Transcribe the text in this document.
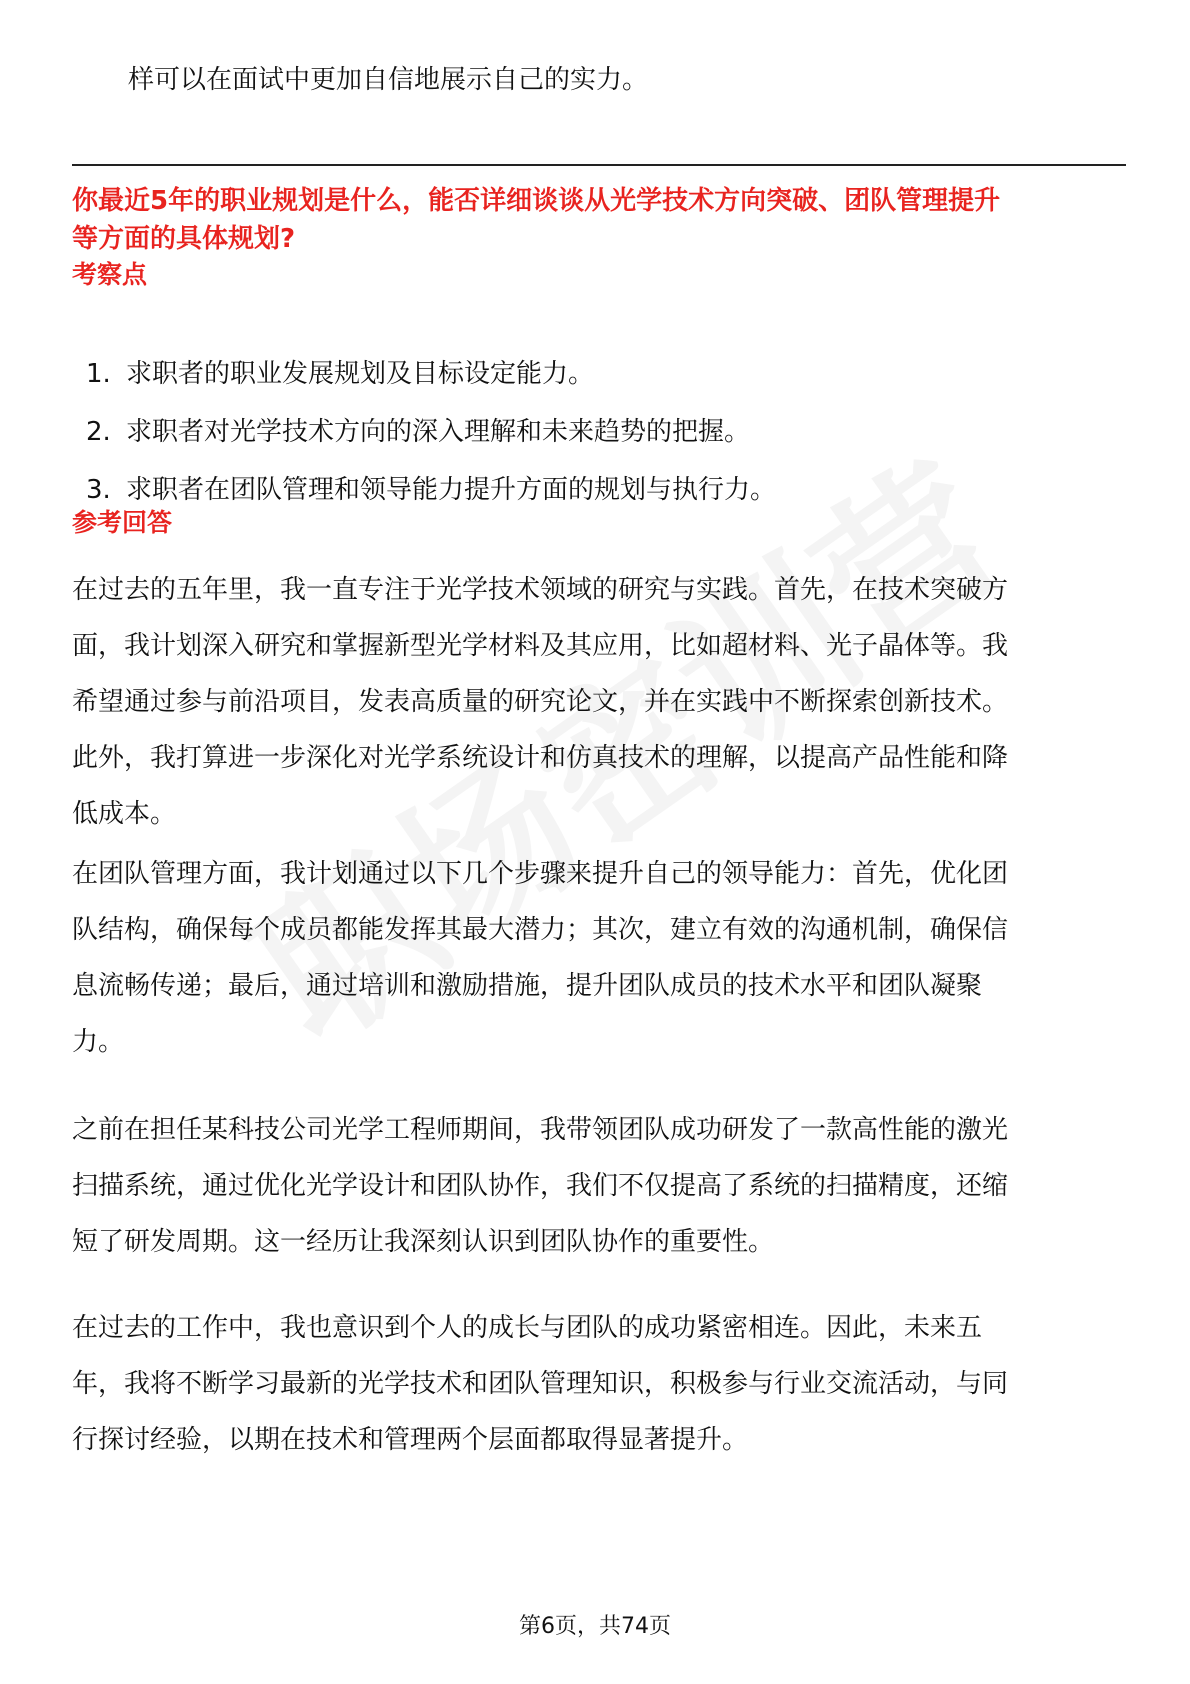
样可以在面试中更加自信地展示自己的实力。
你最近5年的职业规划是什么，能否详细谈谈从光学技术方向突破、团队管理提升
等方面的具体规划?
考察点
1. 求职者的职业发展规划及目标设定能力。
2. 求职者对光学技术方向的深入理解和未来趋势的把握。
3. 求职者在团队管理和领导能力提升方面的规划与执行力。
参考回答
在过去的五年里，我一直专注于光学技术领域的研究与实践。首先，在技术突破方
面，我计划深入研究和掌握新型光学材料及其应用，比如超材料、光子晶体等。我
希望通过参与前沿项目，发表高质量的研究论文，并在实践中不断探索创新技术。
此外，我打算进一步深化对光学系统设计和仿真技术的理解，以提高产品性能和降
低成本。
在团队管理方面，我计划通过以下几个步骤来提升自己的领导能力：首先，优化团
队结构，确保每个成员都能发挥其最大潜力；其次，建立有效的沟通机制，确保信
息流畅传递；最后，通过培训和激励措施，提升团队成员的技术水平和团队凝聚
力。
之前在担任某科技公司光学工程师期间，我带领团队成功研发了一款高性能的激光
扫描系统，通过优化光学设计和团队协作，我们不仅提高了系统的扫描精度，还缩
短了研发周期。这一经历让我深刻认识到团队协作的重要性。
在过去的工作中，我也意识到个人的成长与团队的成功紧密相连。因此，未来五
年，我将不断学习最新的光学技术和团队管理知识，积极参与行业交流活动，与同
行探讨经验，以期在技术和管理两个层面都取得显著提升。
第6页，共74页
